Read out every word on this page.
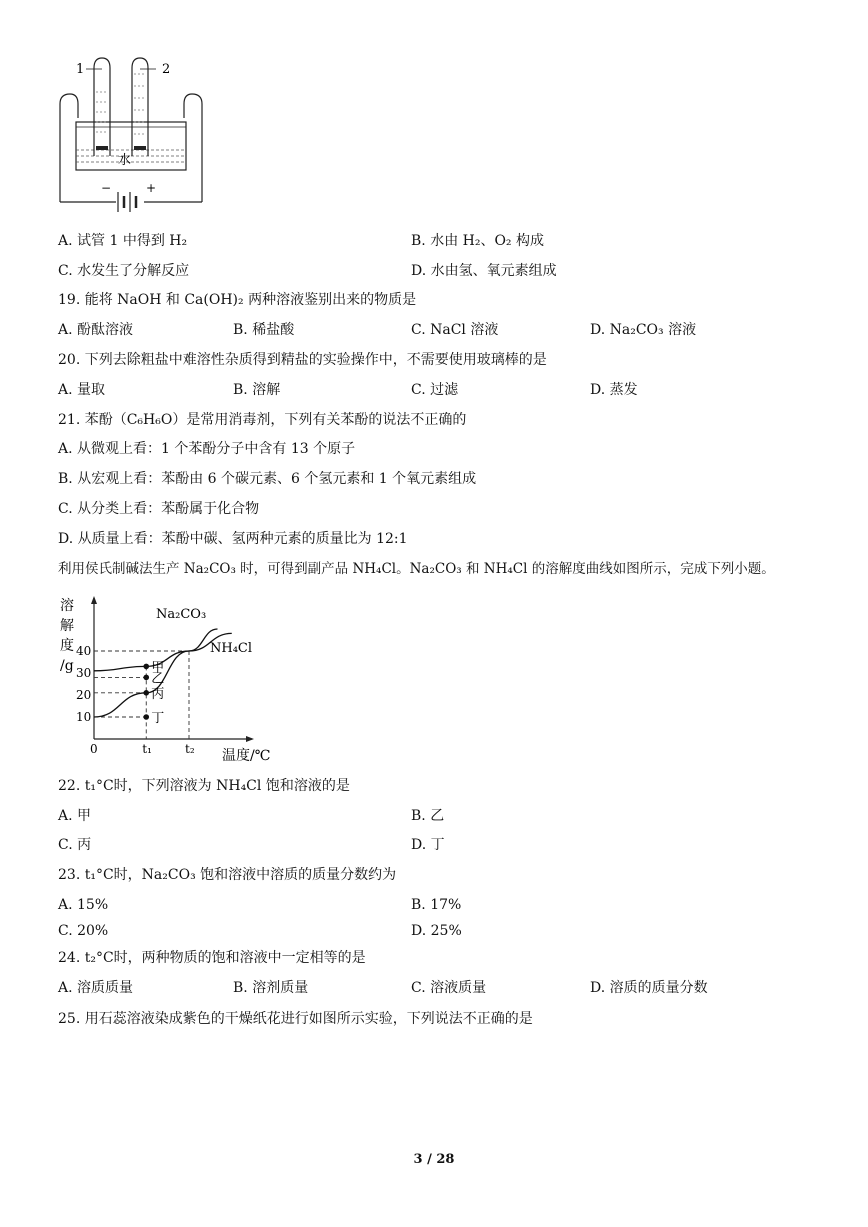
−	+
水
1	2
A. 试管 1 中得到 H₂	B. 水由 H₂、O₂ 构成
C. 水发生了分解反应	D. 水由氢、氧元素组成
19. 能将 NaOH 和 Ca(OH)₂ 两种溶液鉴别出来的物质是
A. 酚酞溶液	B. 稀盐酸	C. NaCl 溶液	D. Na₂CO₃ 溶液
20. 下列去除粗盐中难溶性杂质得到精盐的实验操作中，不需要使用玻璃棒的是
A. 量取	B. 溶解	C. 过滤	D. 蒸发
21. 苯酚（C₆H₆O）是常用消毒剂，下列有关苯酚的说法不正确的
A. 从微观上看：1 个苯酚分子中含有 13 个原子
B. 从宏观上看：苯酚由 6 个碳元素、6 个氢元素和 1 个氧元素组成
C. 从分类上看：苯酚属于化合物
D. 从质量上看：苯酚中碳、氢两种元素的质量比为 12:1
利用侯氏制碱法生产 Na₂CO₃ 时，可得到副产品 NH₄Cl。Na₂CO₃ 和 NH₄Cl 的溶解度曲线如图所示，完成下列小题。
溶
解
度
/g
温度/℃
40
30
20
10
0	t₁	t₂
Na₂CO₃
NH₄Cl
甲
乙
丙
丁
22. t₁°C时，下列溶液为 NH₄Cl 饱和溶液的是
A. 甲	B. 乙
C. 丙	D. 丁
23. t₁°C时，Na₂CO₃ 饱和溶液中溶质的质量分数约为
A. 15%	B. 17%
C. 20%	D. 25%
24. t₂°C时，两种物质的饱和溶液中一定相等的是
A. 溶质质量	B. 溶剂质量	C. 溶液质量	D. 溶质的质量分数
25. 用石蕊溶液染成紫色的干燥纸花进行如图所示实验，下列说法不正确的是
3 / 28
